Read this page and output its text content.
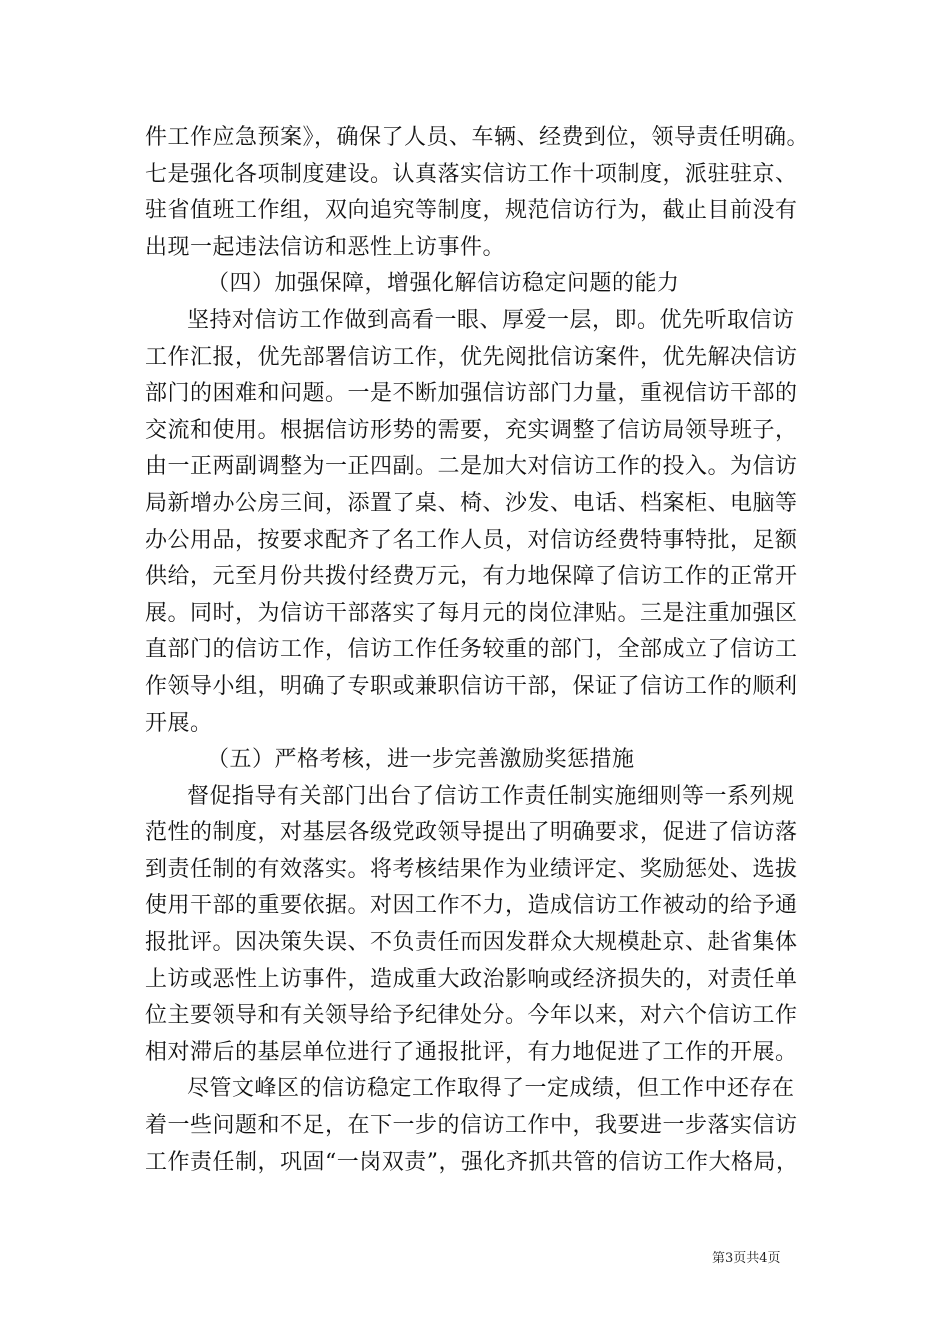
件工作应急预案》，确保了人员、车辆、经费到位，领导责任明确。
七是强化各项制度建设。认真落实信访工作十项制度，派驻驻京、
驻省值班工作组，双向追究等制度，规范信访行为，截止目前没有
出现一起违法信访和恶性上访事件。
（四）加强保障，增强化解信访稳定问题的能力
坚持对信访工作做到高看一眼、厚爱一层，即。优先听取信访
工作汇报，优先部署信访工作，优先阅批信访案件，优先解决信访
部门的困难和问题。一是不断加强信访部门力量，重视信访干部的
交流和使用。根据信访形势的需要，充实调整了信访局领导班子，
由一正两副调整为一正四副。二是加大对信访工作的投入。为信访
局新增办公房三间，添置了桌、椅、沙发、电话、档案柜、电脑等
办公用品，按要求配齐了名工作人员，对信访经费特事特批，足额
供给，元至月份共拨付经费万元，有力地保障了信访工作的正常开
展。同时，为信访干部落实了每月元的岗位津贴。三是注重加强区
直部门的信访工作，信访工作任务较重的部门，全部成立了信访工
作领导小组，明确了专职或兼职信访干部，保证了信访工作的顺利
开展。
（五）严格考核，进一步完善激励奖惩措施
督促指导有关部门出台了信访工作责任制实施细则等一系列规
范性的制度，对基层各级党政领导提出了明确要求，促进了信访落
到责任制的有效落实。将考核结果作为业绩评定、奖励惩处、选拔
使用干部的重要依据。对因工作不力，造成信访工作被动的给予通
报批评。因决策失误、不负责任而因发群众大规模赴京、赴省集体
上访或恶性上访事件，造成重大政治影响或经济损失的，对责任单
位主要领导和有关领导给予纪律处分。今年以来，对六个信访工作
相对滞后的基层单位进行了通报批评，有力地促进了工作的开展。
尽管文峰区的信访稳定工作取得了一定成绩，但工作中还存在
着一些问题和不足，在下一步的信访工作中，我要进一步落实信访
工作责任制，巩固“一岗双责”，强化齐抓共管的信访工作大格局，
第3页共4页
